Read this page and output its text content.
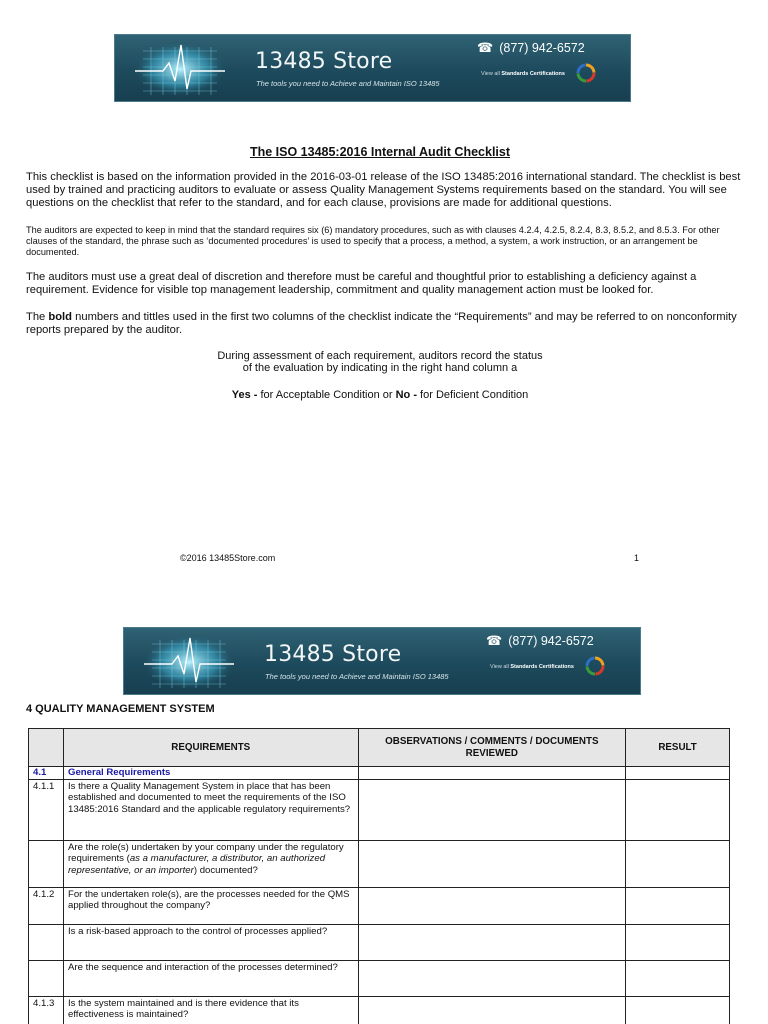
13485 Store
The tools you need to Achieve and Maintain ISO 13485
☎ (877) 942-6572
View all Standards Certifications
The ISO 13485:2016 Internal Audit Checklist
This checklist is based on the information provided in the 2016-03-01 release of the ISO 13485:2016 international standard. The checklist is best used by trained and practicing auditors to evaluate or assess Quality Management Systems requirements based on the standard. You will see questions on the checklist that refer to the standard, and for each clause, provisions are made for additional questions.
The auditors are expected to keep in mind that the standard requires six (6) mandatory procedures, such as with clauses 4.2.4, 4.2.5, 8.2.4, 8.3, 8.5.2, and 8.5.3. For other clauses of the standard, the phrase such as ‘documented procedures’ is used to specify that a process, a method, a system, a work instruction, or an arrangement be documented.
The auditors must use a great deal of discretion and therefore must be careful and thoughtful prior to establishing a deficiency against a requirement. Evidence for visible top management leadership, commitment and quality management action must be looked for.
The bold numbers and tittles used in the first two columns of the checklist indicate the “Requirements” and may be referred to on nonconformity reports prepared by the auditor.
During assessment of each requirement, auditors record the status
of the evaluation by indicating in the right hand column a
Yes - for Acceptable Condition or No - for Deficient Condition
©2016 13485Store.com	1
13485 Store
The tools you need to Achieve and Maintain ISO 13485
☎ (877) 942-6572
View all Standards Certifications
4 QUALITY MANAGEMENT SYSTEM
	REQUIREMENTS	OBSERVATIONS / COMMENTS / DOCUMENTS REVIEWED	RESULT
4.1	General Requirements		
4.1.1	Is there a Quality Management System in place that has been established and documented to meet the requirements of the ISO 13485:2016 Standard and the applicable regulatory requirements?		
	Are the role(s) undertaken by your company under the regulatory requirements (as a manufacturer, a distributor, an authorized representative, or an importer) documented?		
4.1.2	For the undertaken role(s), are the processes needed for the QMS applied throughout the company?		
	Is a risk-based approach to the control of processes applied?		
	Are the sequence and interaction of the processes determined?		
4.1.3	Is the system maintained and is there evidence that its effectiveness is maintained?		
